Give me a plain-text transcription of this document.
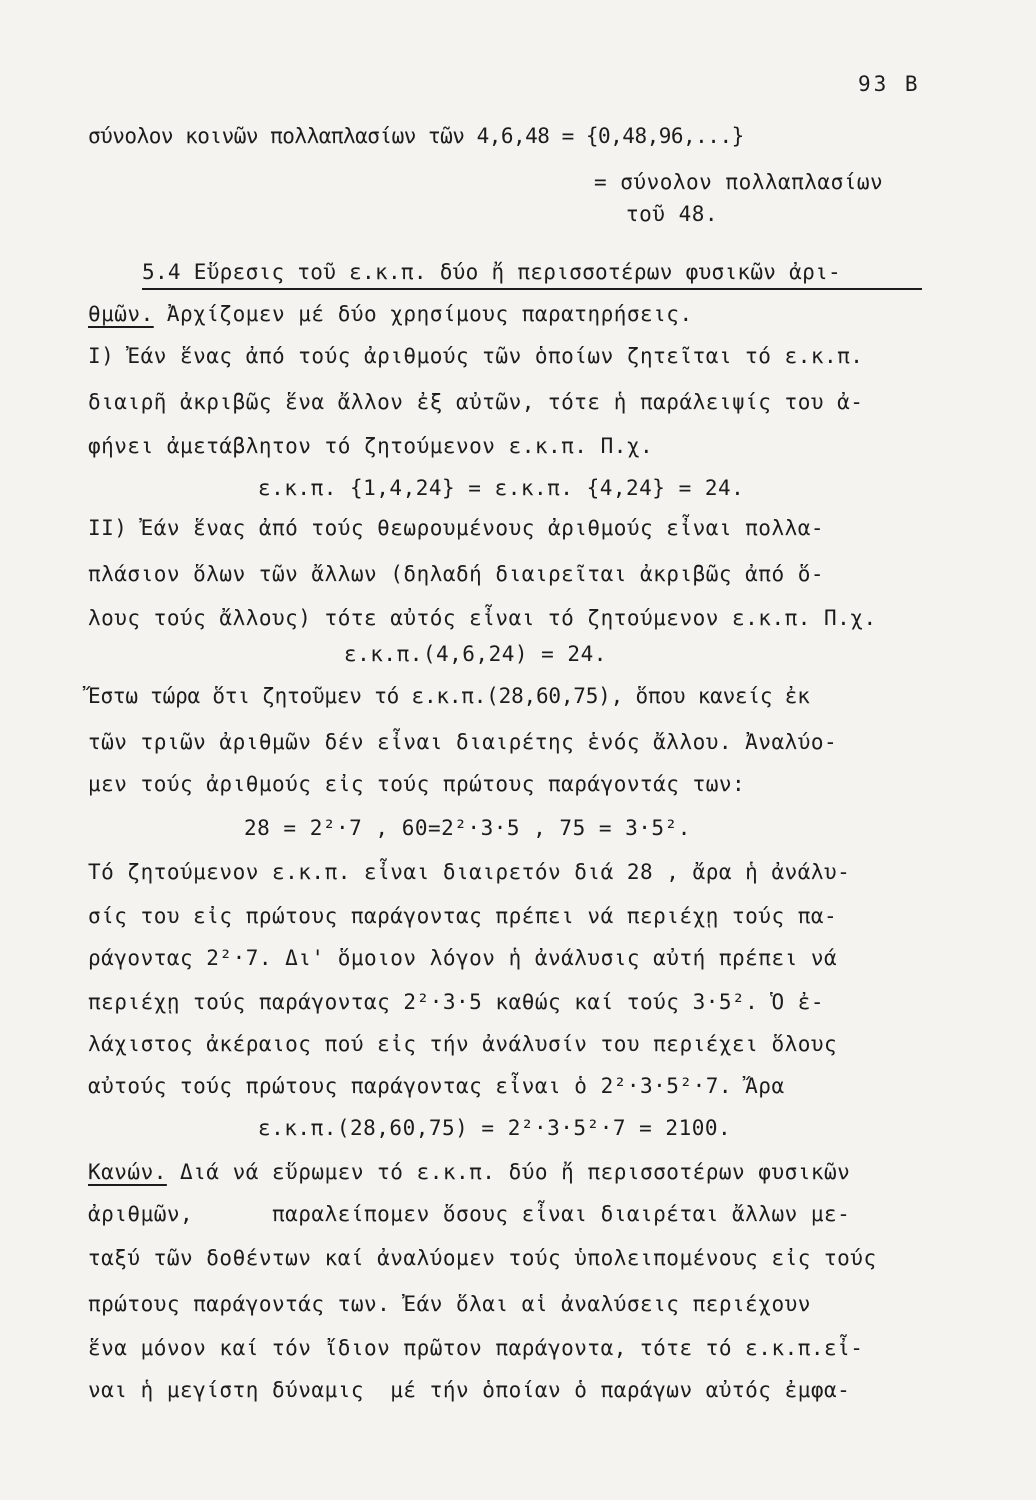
93 B
σύνολον κοινῶν πολλαπλασίων τῶν 4,6,48 = {0,48,96,...}
= σύνολον πολλαπλασίων
τοῦ 48.
5.4 Εὕρεσις τοῦ ε.κ.π. δύο ἤ περισσοτέρων φυσικῶν ἀρι-
θμῶν. Ἀρχίζομεν μέ δύο χρησίμους παρατηρήσεις.
Ι) Ἐάν ἕνας ἀπό τούς ἀριθμούς τῶν ὁποίων ζητεῖται τό ε.κ.π.
διαιρῆ ἀκριβῶς ἕνα ἄλλον ἐξ αὐτῶν, τότε ἡ παράλειψίς του ἀ-
φήνει ἀμετάβλητον τό ζητούμενον ε.κ.π. Π.χ.
ε.κ.π. {1,4,24} = ε.κ.π. {4,24} = 24.
ΙΙ) Ἐάν ἕνας ἀπό τούς θεωρουμένους ἀριθμούς εἶναι πολλα-
πλάσιον ὅλων τῶν ἄλλων (δηλαδή διαιρεῖται ἀκριβῶς ἀπό ὅ-
λους τούς ἄλλους) τότε αὐτός εἶναι τό ζητούμενον ε.κ.π. Π.χ.
ε.κ.π.(4,6,24) = 24.
Ἔστω τώρα ὅτι ζητοῦμεν τό ε.κ.π.(28,60,75), ὅπου κανείς ἐκ
τῶν τριῶν ἀριθμῶν δέν εἶναι διαιρέτης ἑνός ἄλλου. Ἀναλύο-
μεν τούς ἀριθμούς εἰς τούς πρώτους παράγοντάς των:
28 = 2²·7 , 60=2²·3·5 , 75 = 3·5².
Τό ζητούμενον ε.κ.π. εἶναι διαιρετόν διά 28 , ἄρα ἡ ἀνάλυ-
σίς του εἰς πρώτους παράγοντας πρέπει νά περιέχῃ τούς πα-
ράγοντας 2²·7. Δι' ὅμοιον λόγον ἡ ἀνάλυσις αὐτή πρέπει νά
περιέχῃ τούς παράγοντας 2²·3·5 καθώς καί τούς 3·5². Ὁ ἐ-
λάχιστος ἀκέραιος πού εἰς τήν ἀνάλυσίν του περιέχει ὅλους
αὐτούς τούς πρώτους παράγοντας εἶναι ὁ 2²·3·5²·7. Ἄρα
ε.κ.π.(28,60,75) = 2²·3·5²·7 = 2100.
Κανών. Διά νά εὕρωμεν τό ε.κ.π. δύο ἤ περισσοτέρων φυσικῶν
ἀριθμῶν,      παραλείπομεν ὅσους εἶναι διαιρέται ἄλλων με-
ταξύ τῶν δοθέντων καί ἀναλύομεν τούς ὑπολειπομένους εἰς τούς
πρώτους παράγοντάς των. Ἐάν ὅλαι αἱ ἀναλύσεις περιέχουν
ἕνα μόνον καί τόν ἴδιον πρῶτον παράγοντα, τότε τό ε.κ.π.εἶ-
ναι ἡ μεγίστη δύναμις  μέ τήν ὁποίαν ὁ παράγων αὐτός ἐμφα-
